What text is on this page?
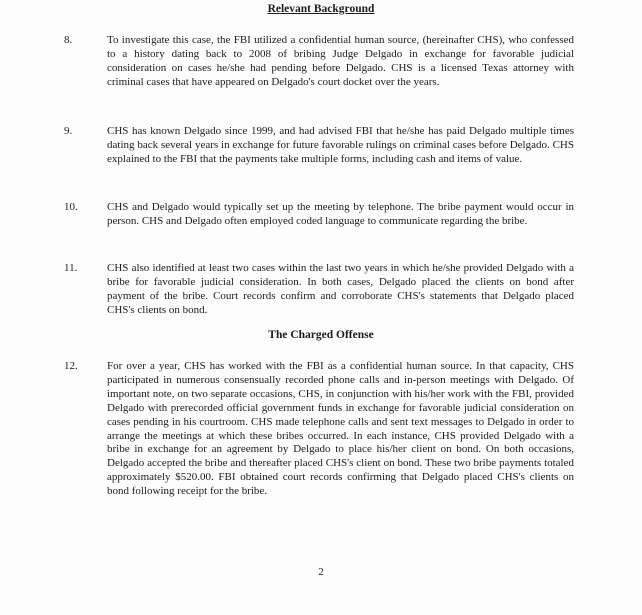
Relevant Background
8.	To investigate this case, the FBI utilized a confidential human source, (hereinafter CHS), who confessed to a history dating back to 2008 of bribing Judge Delgado in exchange for favorable judicial consideration on cases he/she had pending before Delgado. CHS is a licensed Texas attorney with criminal cases that have appeared on Delgado's court docket over the years.
9.	CHS has known Delgado since 1999, and had advised FBI that he/she has paid Delgado multiple times dating back several years in exchange for future favorable rulings on criminal cases before Delgado. CHS explained to the FBI that the payments take multiple forms, including cash and items of value.
10.	CHS and Delgado would typically set up the meeting by telephone. The bribe payment would occur in person. CHS and Delgado often employed coded language to communicate regarding the bribe.
11.	CHS also identified at least two cases within the last two years in which he/she provided Delgado with a bribe for favorable judicial consideration. In both cases, Delgado placed the clients on bond after payment of the bribe. Court records confirm and corroborate CHS's statements that Delgado placed CHS's clients on bond.
The Charged Offense
12.	For over a year, CHS has worked with the FBI as a confidential human source. In that capacity, CHS participated in numerous consensually recorded phone calls and in-person meetings with Delgado. Of important note, on two separate occasions, CHS, in conjunction with his/her work with the FBI, provided Delgado with prerecorded official government funds in exchange for favorable judicial consideration on cases pending in his courtroom. CHS made telephone calls and sent text messages to Delgado in order to arrange the meetings at which these bribes occurred. In each instance, CHS provided Delgado with a bribe in exchange for an agreement by Delgado to place his/her client on bond. On both occasions, Delgado accepted the bribe and thereafter placed CHS's client on bond. These two bribe payments totaled approximately $520.00. FBI obtained court records confirming that Delgado placed CHS's clients on bond following receipt for the bribe.
2
